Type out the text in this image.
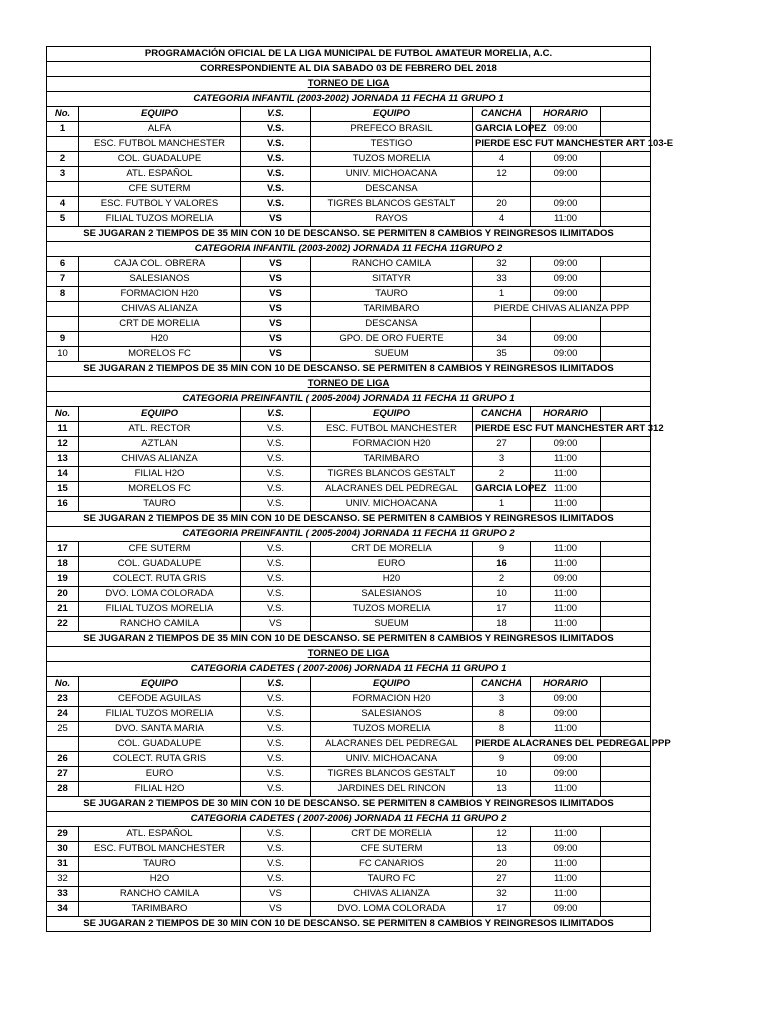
PROGRAMACIÓN OFICIAL DE LA LIGA MUNICIPAL DE FUTBOL AMATEUR MORELIA, A.C.						
CORRESPONDIENTE AL DIA SABADO 03 DE FEBRERO DEL 2018						
TORNEO DE LIGA						
CATEGORIA INFANTIL (2003-2002) JORNADA 11 FECHA 11 GRUPO 1						
No.	EQUIPO	V.S.	EQUIPO	CANCHA	HORARIO	
1	ALFA	V.S.	PREFECO BRASIL	GARCIA LOPEZ	09:00	
	ESC. FUTBOL MANCHESTER	V.S.	TESTIGO	PIERDE ESC FUT MANCHESTER ART 103-E		
2	COL. GUADALUPE	V.S.	TUZOS MORELIA	4	09:00	
3	ATL. ESPAÑOL	V.S.	UNIV. MICHOACANA	12	09:00	
	CFE SUTERM	V.S.	DESCANSA			
4	ESC. FUTBOL Y VALORES	V.S.	TIGRES BLANCOS GESTALT	20	09:00	
5	FILIAL TUZOS MORELIA	VS	RAYOS	4	11:00	
SE JUGARAN 2 TIEMPOS DE 35 MIN CON 10 DE DESCANSO. SE PERMITEN 8 CAMBIOS Y REINGRESOS ILIMITADOS						
CATEGORIA INFANTIL (2003-2002) JORNADA 11 FECHA 11GRUPO 2						
6	CAJA COL. OBRERA	VS	RANCHO CAMILA	32	09:00	
7	SALESIANOS	VS	SITATYR	33	09:00	
8	FORMACION H20	VS	TAURO	1	09:00	
	CHIVAS ALIANZA	VS	TARIMBARO	PIERDE CHIVAS ALIANZA PPP		
	CRT DE MORELIA	VS	DESCANSA			
9	H20	VS	GPO. DE ORO FUERTE	34	09:00	
10	MORELOS FC	VS	SUEUM	35	09:00	
SE JUGARAN 2 TIEMPOS DE 35 MIN CON 10 DE DESCANSO. SE PERMITEN 8 CAMBIOS Y REINGRESOS ILIMITADOS						
TORNEO DE LIGA						
CATEGORIA PREINFANTIL ( 2005-2004) JORNADA 11 FECHA 11 GRUPO 1						
No.	EQUIPO	V.S.	EQUIPO	CANCHA	HORARIO	
11	ATL. RECTOR	V.S.	ESC. FUTBOL MANCHESTER	PIERDE ESC FUT MANCHESTER ART 312		
12	AZTLAN	V.S.	FORMACION H20	27	09:00	
13	CHIVAS ALIANZA	V.S.	TARIMBARO	3	11:00	
14	FILIAL H2O	V.S.	TIGRES BLANCOS GESTALT	2	11:00	
15	MORELOS FC	V.S.	ALACRANES DEL PEDREGAL	GARCIA LOPEZ	11:00	
16	TAURO	V.S.	UNIV. MICHOACANA	1	11:00	
SE JUGARAN 2 TIEMPOS DE 35 MIN CON 10 DE DESCANSO. SE PERMITEN 8 CAMBIOS Y REINGRESOS ILIMITADOS						
CATEGORIA PREINFANTIL ( 2005-2004) JORNADA 11 FECHA 11 GRUPO 2						
17	CFE SUTERM	V.S.	CRT DE MORELIA	9	11:00	
18	COL. GUADALUPE	V.S.	EURO	16	11:00	
19	COLECT. RUTA GRIS	V.S.	H20	2	09:00	
20	DVO. LOMA COLORADA	V.S.	SALESIANOS	10	11:00	
21	FILIAL TUZOS MORELIA	V.S.	TUZOS MORELIA	17	11:00	
22	RANCHO CAMILA	VS	SUEUM	18	11:00	
SE JUGARAN 2 TIEMPOS DE 35 MIN CON 10 DE DESCANSO. SE PERMITEN 8 CAMBIOS Y REINGRESOS ILIMITADOS						
TORNEO DE LIGA						
CATEGORIA CADETES ( 2007-2006) JORNADA 11 FECHA 11 GRUPO 1						
No.	EQUIPO	V.S.	EQUIPO	CANCHA	HORARIO	
23	CEFODE AGUILAS	V.S.	FORMACION H20	3	09:00	
24	FILIAL TUZOS MORELIA	V.S.	SALESIANOS	8	09:00	
25	DVO. SANTA MARIA	V.S.	TUZOS MORELIA	8	11:00	
	COL. GUADALUPE	V.S.	ALACRANES DEL PEDREGAL	PIERDE ALACRANES DEL PEDREGAL PPP		
26	COLECT. RUTA GRIS	V.S.	UNIV. MICHOACANA	9	09:00	
27	EURO	V.S.	TIGRES BLANCOS GESTALT	10	09:00	
28	FILIAL H2O	V.S.	JARDINES DEL RINCON	13	11:00	
SE JUGARAN 2 TIEMPOS DE 30 MIN CON 10 DE DESCANSO. SE PERMITEN 8 CAMBIOS Y REINGRESOS ILIMITADOS						
CATEGORIA CADETES ( 2007-2006) JORNADA 11 FECHA 11 GRUPO 2						
29	ATL. ESPAÑOL	V.S.	CRT DE MORELIA	12	11:00	
30	ESC. FUTBOL MANCHESTER	V.S.	CFE SUTERM	13	09:00	
31	TAURO	V.S.	FC CANARIOS	20	11:00	
32	H2O	V.S.	TAURO FC	27	11:00	
33	RANCHO CAMILA	VS	CHIVAS ALIANZA	32	11:00	
34	TARIMBARO	VS	DVO. LOMA COLORADA	17	09:00	
SE JUGARAN 2 TIEMPOS DE 30 MIN CON 10 DE DESCANSO. SE PERMITEN 8 CAMBIOS Y REINGRESOS ILIMITADOS						
